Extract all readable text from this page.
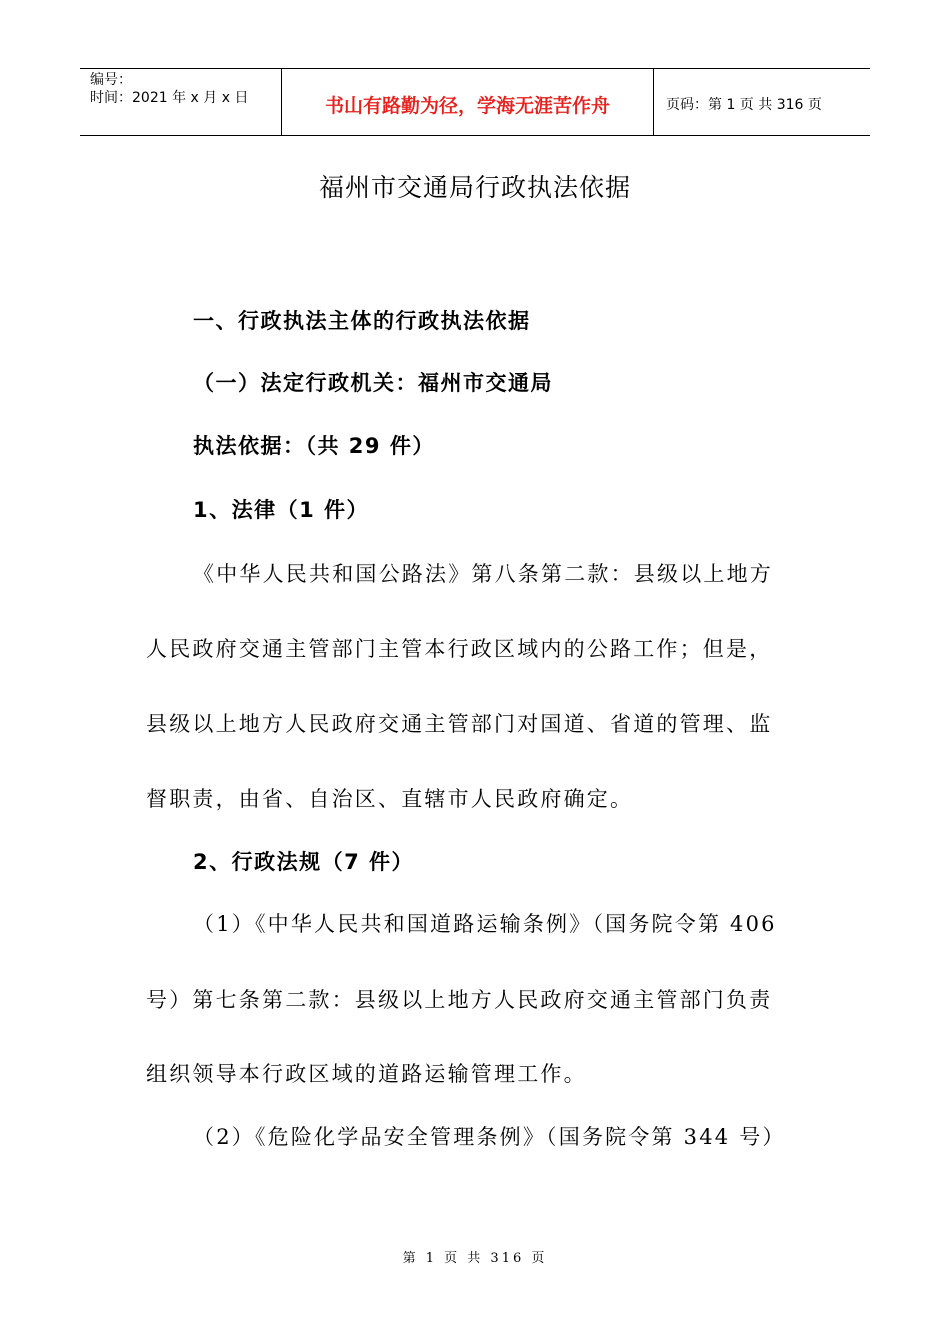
编号：
时间：2021 年 x 月 x 日	书山有路勤为径，学海无涯苦作舟	页码：第 1 页 共 316 页
福州市交通局行政执法依据
一、行政执法主体的行政执法依据
（一）法定行政机关：福州市交通局
执法依据：（共 29 件）
1、法律（1 件）
《中华人民共和国公路法》第八条第二款：县级以上地方
人民政府交通主管部门主管本行政区域内的公路工作；但是，
县级以上地方人民政府交通主管部门对国道、省道的管理、监
督职责，由省、自治区、直辖市人民政府确定。
2、行政法规（7 件）
（1）《中华人民共和国道路运输条例》（国务院令第 406
号）第七条第二款：县级以上地方人民政府交通主管部门负责
组织领导本行政区域的道路运输管理工作。
（2）《危险化学品安全管理条例》（国务院令第 344 号）
第 1 页 共 316 页
